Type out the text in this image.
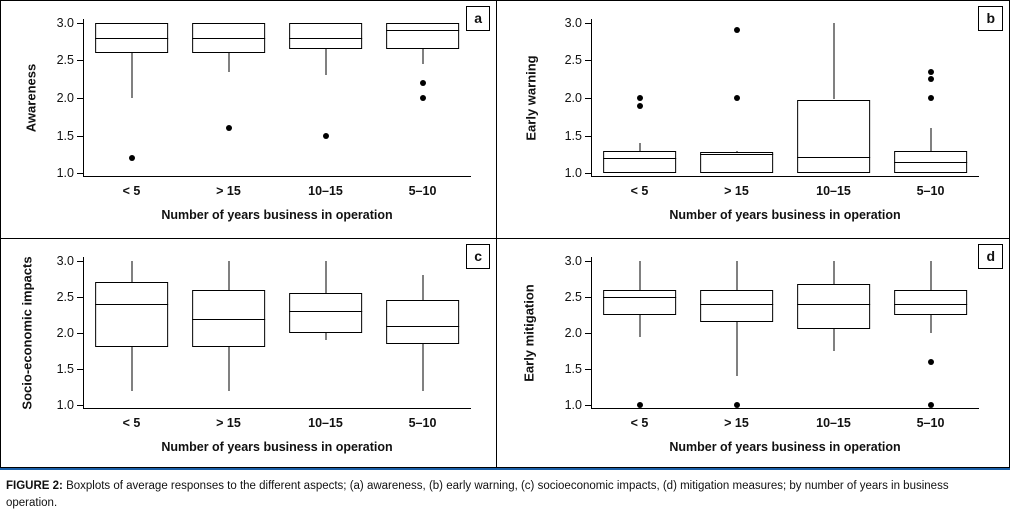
a
1.0
1.5
2.0
2.5
3.0
Awareness
Number of years business in operation
< 5	> 15	10–15	5–10
b
1.0
1.5
2.0
2.5
3.0
Early warning
Number of years business in operation
< 5	> 15	10–15	5–10
c
1.0
1.5
2.0
2.5
3.0
Socio-economic impacts
Number of years business in operation
< 5	> 15	10–15	5–10
d
1.0
1.5
2.0
2.5
3.0
Early mitigation
Number of years business in operation
< 5	> 15	10–15	5–10
FIGURE 2: Boxplots of average responses to the different aspects; (a) awareness, (b) early warning, (c) socioeconomic impacts, (d) mitigation measures; by number of years in business operation.
